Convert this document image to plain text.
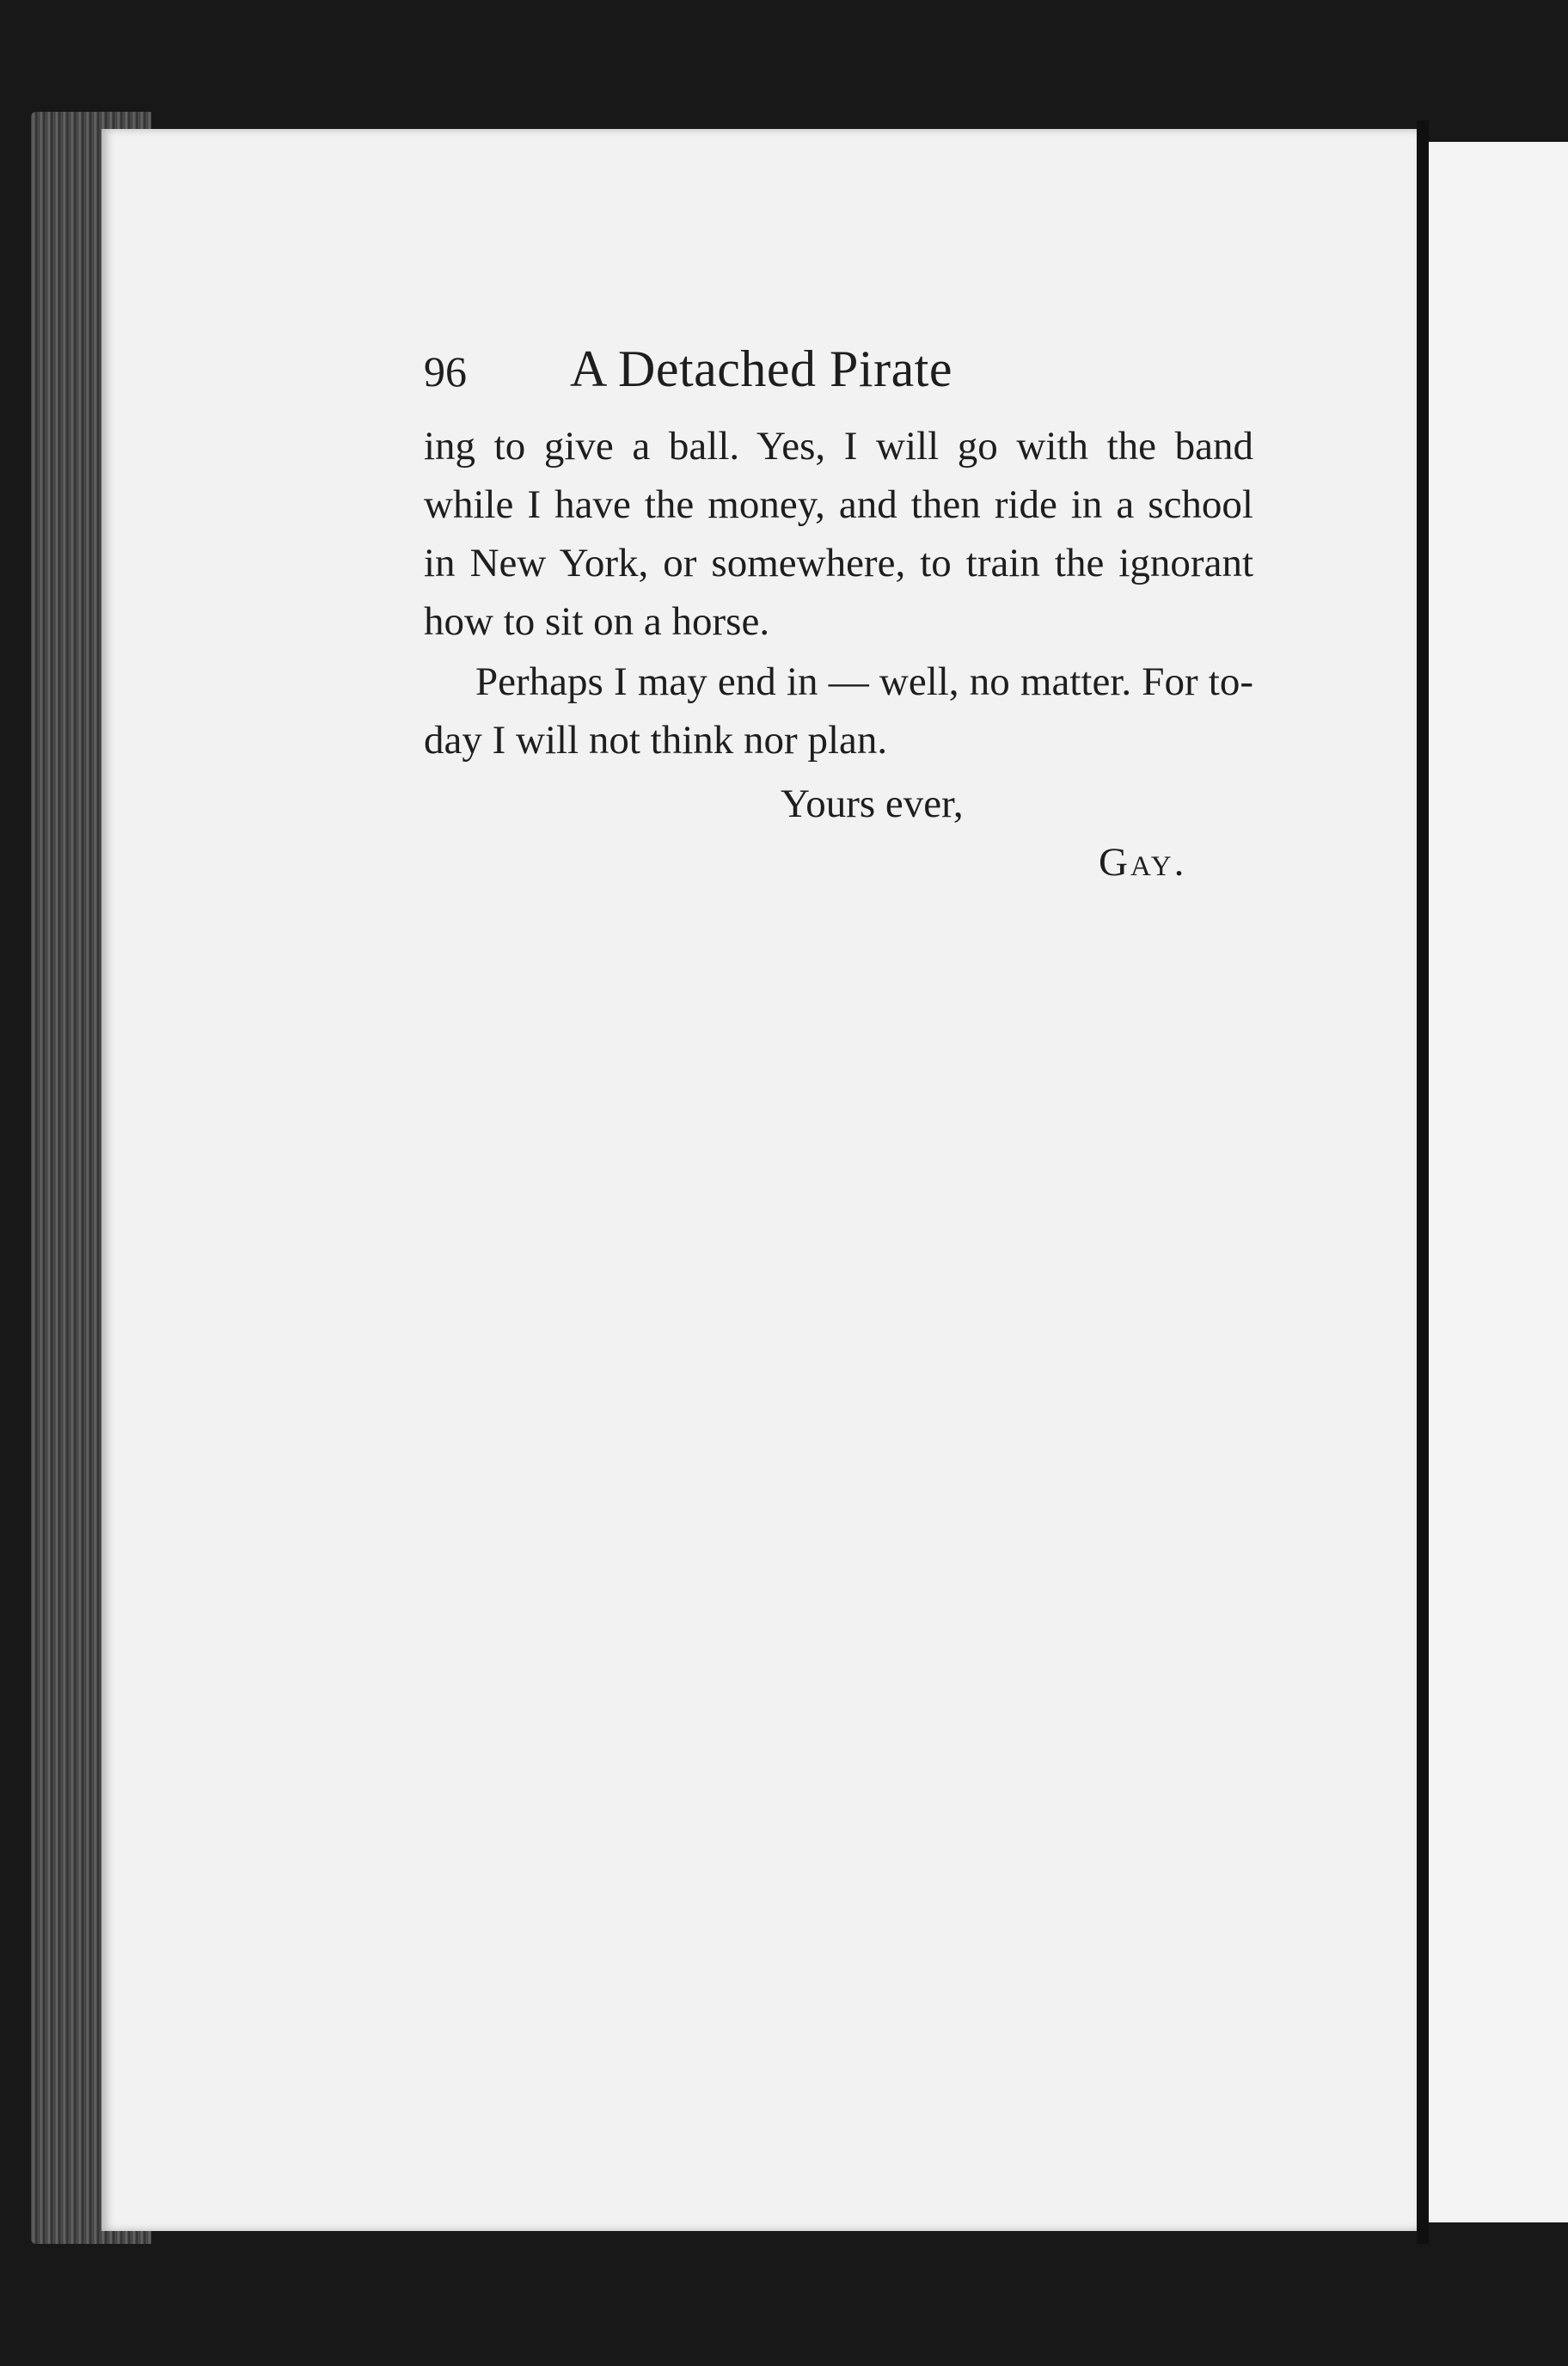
96	A Detached Pirate

ing to give a ball. Yes, I will go with the band while I have the money, and then ride in a school in New York, or somewhere, to train the ignorant how to sit on a horse.

Perhaps I may end in — well, no matter. For to-day I will not think nor plan.

Yours ever,
Gay.
